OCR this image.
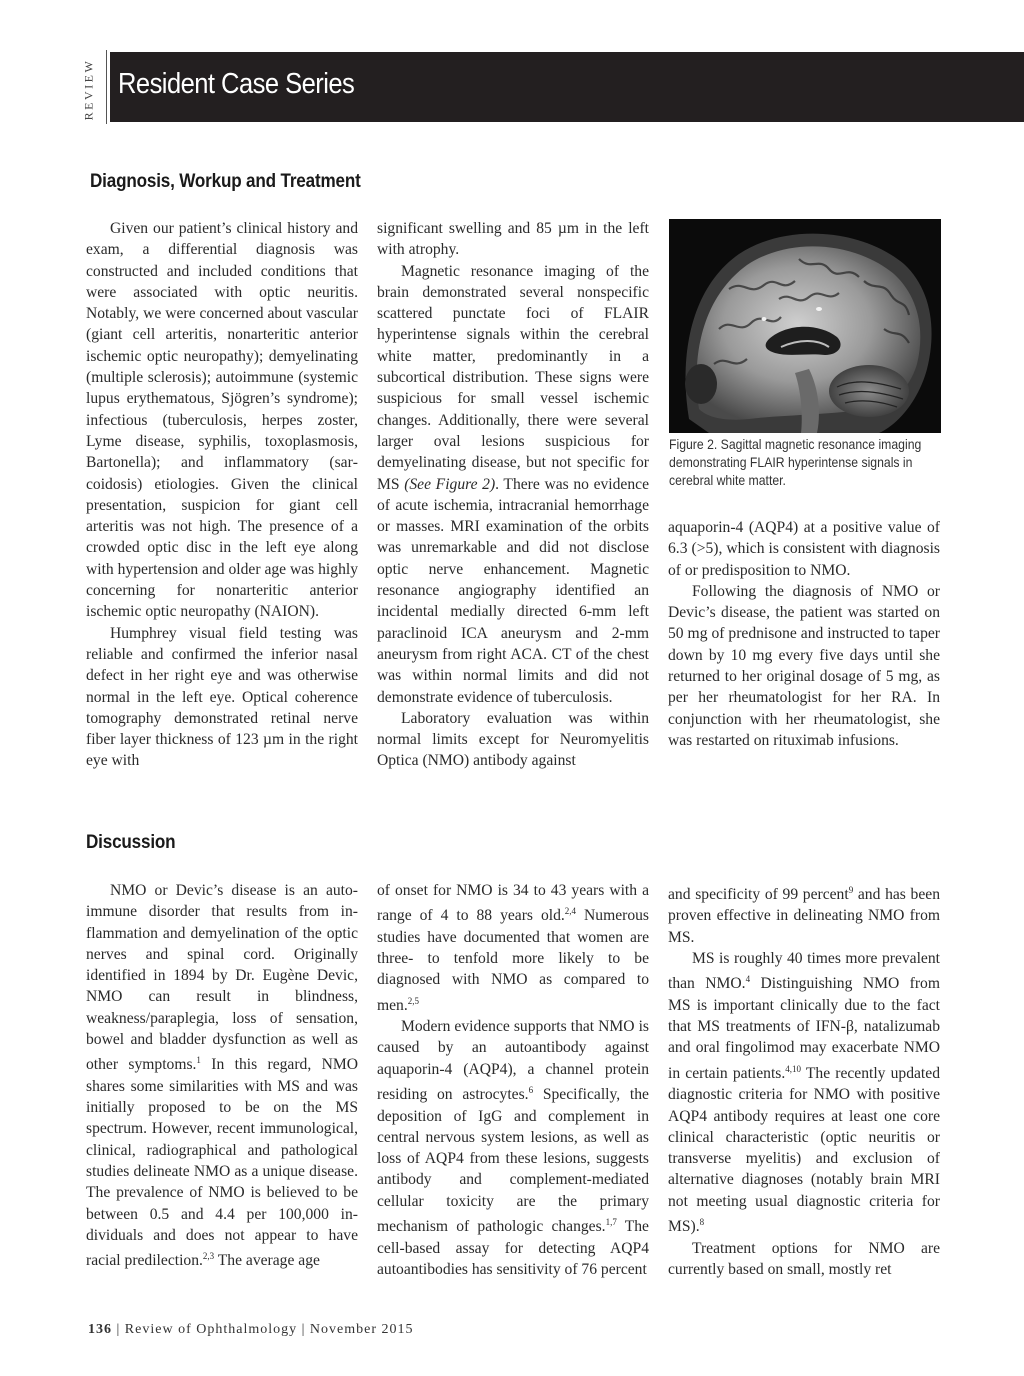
REVIEW Resident Case Series
Diagnosis, Workup and Treatment

Given our patient’s clinical history and exam, a differential diagnosis was constructed and included conditions that were associated with optic neuritis. Notably, we were concerned about vascular (giant cell arteritis, nonarteritic anterior ischemic optic neuropathy); demyelinating (multiple sclerosis); autoimmune (systemic lupus erythematous, Sjögren’s syndrome); infectious (tuberculosis, herpes zoster, Lyme disease, syphilis, toxoplasmosis, Bartonella); and inflammatory (sarcoidosis) etiologies. Given the clinical presentation, suspicion for giant cell arteritis was not high. The presence of a crowded optic disc in the left eye along with hypertension and older age was highly concerning for nonarteritic anterior ischemic optic neuropathy (NAION).

Humphrey visual field testing was reliable and confirmed the inferior nasal defect in her right eye and was otherwise normal in the left eye. Optical coherence tomography demonstrated retinal nerve fiber layer thickness of 123 µm in the right eye with

significant swelling and 85 µm in the left with atrophy.

Magnetic resonance imaging of the brain demonstrated several nonspecific scattered punctate foci of FLAIR hyperintense signals within the cerebral white matter, predominantly in a subcortical distribution. These signs were suspicious for small vessel ischemic changes. Additionally, there were several larger oval lesions suspicious for demyelinating disease, but not specific for MS (See Figure 2). There was no evidence of acute ischemia, intracranial hemorrhage or masses. MRI examination of the orbits was unremarkable and did not disclose optic nerve enhancement. Magnetic resonance angiography identified an incidental medially directed 6-mm left paraclinoid ICA aneurysm and 2-mm aneurysm from right ACA. CT of the chest was within normal limits and did not demonstrate evidence of tuberculosis.

Laboratory evaluation was within normal limits except for Neuromyelitis Optica (NMO) antibody against

Figure 2. Sagittal magnetic resonance imaging demonstrating FLAIR hyperintense signals in cerebral white matter.

aquaporin-4 (AQP4) at a positive value of 6.3 (>5), which is consistent with diagnosis of or predisposition to NMO.

Following the diagnosis of NMO or Devic’s disease, the patient was started on 50 mg of prednisone and instructed to taper down by 10 mg every five days until she returned to her original dosage of 5 mg, as per her rheumatologist for her RA. In conjunction with her rheumatologist, she was restarted on rituximab infusions.

Discussion

NMO or Devic’s disease is an autoimmune disorder that results from inflammation and demyelination of the optic nerves and spinal cord. Originally identified in 1894 by Dr. Eugène Devic, NMO can result in blindness, weakness/paraplegia, loss of sensation, bowel and bladder dysfunction as well as other symptoms.$^1$ In this regard, NMO shares some similarities with MS and was initially proposed to be on the MS spectrum. However, recent immunological, clinical, radiographical and pathological studies delineate NMO as a unique disease. The prevalence of NMO is believed to be between 0.5 and 4.4 per 100,000 individuals and does not appear to have racial predilection.$^{2,3}$ The average age

of onset for NMO is 34 to 43 years with a range of 4 to 88 years old.$^{2,4}$ Numerous studies have documented that women are three- to tenfold more likely to be diagnosed with NMO as compared to men.$^{2,5}$

Modern evidence supports that NMO is caused by an autoantibody against aquaporin-4 (AQP4), a channel protein residing on astrocytes.$^6$ Specifically, the deposition of IgG and complement in central nervous system lesions, as well as loss of AQP4 from these lesions, suggests antibody and complement-mediated cellular toxicity are the primary mechanism of pathologic changes.$^{1,7}$ The cell-based assay for detecting AQP4 autoantibodies has sensitivity of 76 percent

and specificity of 99 percent$^9$ and has been proven effective in delineating NMO from MS.

MS is roughly 40 times more prevalent than NMO.$^4$ Distinguishing NMO from MS is important clinically due to the fact that MS treatments of IFN-β, natalizumab and oral fingolimod may exacerbate NMO in certain patients.$^{4,10}$ The recently updated diagnostic criteria for NMO with positive AQP4 antibody requires at least one core clinical characteristic (optic neuritis or transverse myelitis) and exclusion of alternative diagnoses (notably brain MRI not meeting usual diagnostic criteria for MS).$^8$

Treatment options for NMO are currently based on small, mostly ret

136 | Review of Ophthalmology | November 2015
